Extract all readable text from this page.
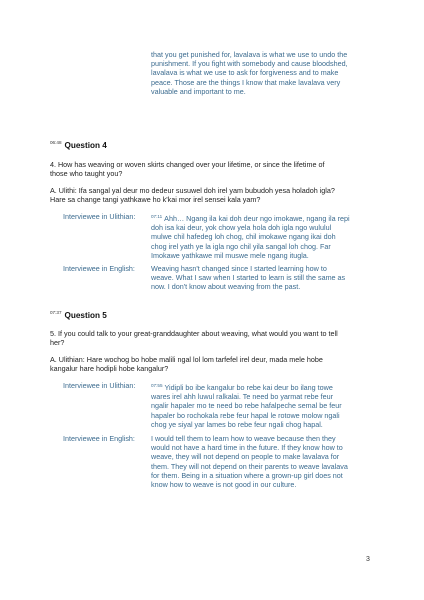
that you get punished for, lavalava is what we use to undo the
punishment. If you fight with somebody and cause bloodshed,
lavalava is what we use to ask for forgiveness and to make
peace. Those are the things I know that make lavalava very
valuable and important to me.
$^{06:48}$ Question 4
4. How has weaving or woven skirts changed over your lifetime, or since the lifetime of
those who taught you?
A. Ulithi: Ifa sangal yal deur mo dedeur susuwel doh irel yam bubudoh yesa holadoh igla?
Hare sa change tangi yathkawe ho k'kai mor irel sensei kala yam?
Interviewee in Ulithian:	$^{07:11}$ Ahh… Ngang ila kai doh deur ngo imokawe, ngang ila repi
doh isa kai deur, yok chow yela hola doh igla ngo wululul
mulwe chil hafedeg loh chog, chil imokawe ngang ikai doh
chog irel yath ye la igla ngo chil yila sangal loh chog. Far
Imokawe yathkawe mil muswe mele ngang itugla.
Interviewee in English:	Weaving hasn't changed since I started learning how to
weave. What I saw when I started to learn is still the same as
now. I don't know about weaving from the past.
$^{07:37}$ Question 5
5. If you could talk to your great-granddaughter about weaving, what would you want to tell
her?
A. Ulithian: Hare wochog bo hobe malili ngal lol lom tarfefel irel deur, mada mele hobe
kangalur hare hodipli hobe kangalur?
Interviewee in Ulithian:	$^{07:55}$ Yidipli bo ibe kangalur bo rebe kai deur bo ilang towe
wares irel ahh luwul ralkalai. Te need bo yarmat rebe feur
ngalir hapaler mo te need bo rebe hafalpeche semal be feur
hapaler bo rochokala rebe feur hapal le rotowe molow ngali
chog ye siyal yar lames bo rebe feur ngali chog hapal.
Interviewee in English:	I would tell them to learn how to weave because then they
would not have a hard time in the future. If they know how to
weave, they will not depend on people to make lavalava for
them. They will not depend on their parents to weave lavalava
for them. Being in a situation where a grown-up girl does not
know how to weave is not good in our culture.
3
